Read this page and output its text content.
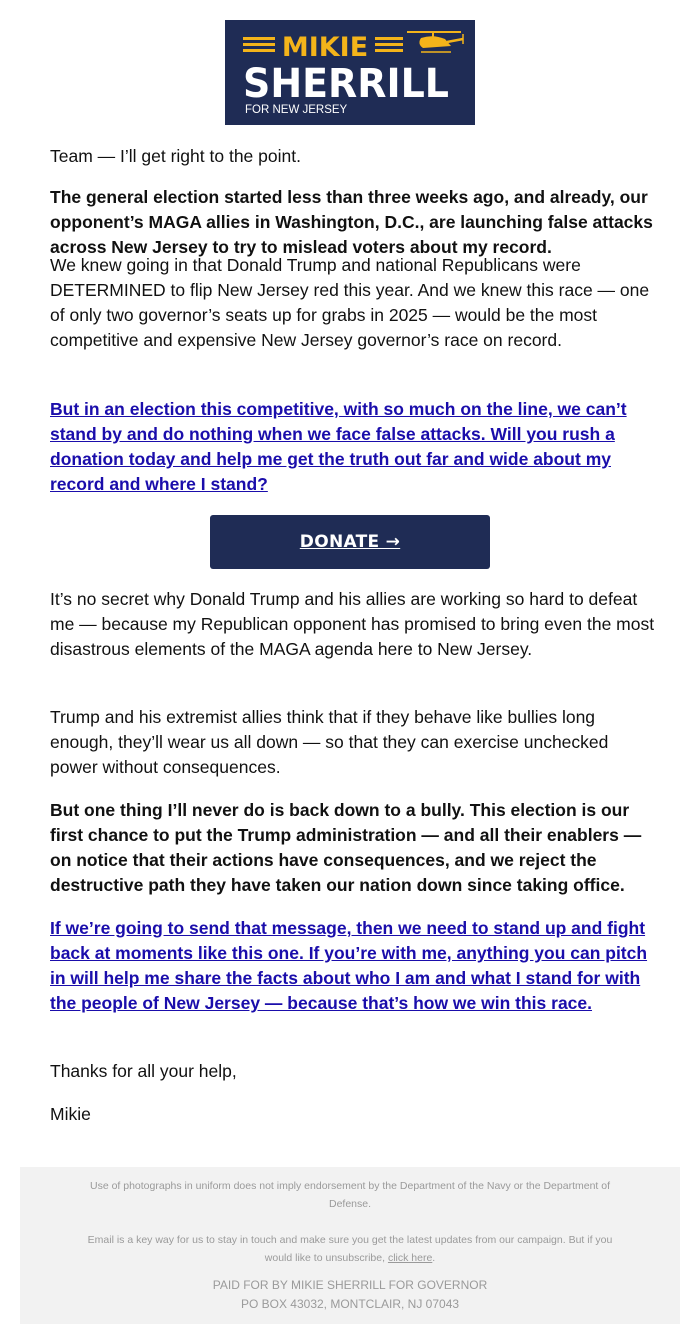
MIKIE
SHERRILL
FOR NEW JERSEY

Team — I’ll get right to the point.

The general election started less than three weeks ago, and already, our opponent’s MAGA allies in Washington, D.C., are launching false attacks across New Jersey to try to mislead voters about my record.

We knew going in that Donald Trump and national Republicans were DETERMINED to flip New Jersey red this year. And we knew this race — one of only two governor’s seats up for grabs in 2025 — would be the most competitive and expensive New Jersey governor’s race on record.

But in an election this competitive, with so much on the line, we can’t stand by and do nothing when we face false attacks. Will you rush a donation today and help me get the truth out far and wide about my record and where I stand?

It’s no secret why Donald Trump and his allies are working so hard to defeat me — because my Republican opponent has promised to bring even the most disastrous elements of the MAGA agenda here to New Jersey.

Trump and his extremist allies think that if they behave like bullies long enough, they’ll wear us all down — so that they can exercise unchecked power without consequences.

But one thing I’ll never do is back down to a bully. This election is our first chance to put the Trump administration — and all their enablers — on notice that their actions have consequences, and we reject the destructive path they have taken our nation down since taking office.

If we’re going to send that message, then we need to stand up and fight back at moments like this one. If you’re with me, anything you can pitch in will help me share the facts about who I am and what I stand for with the people of New Jersey — because that’s how we win this race.

Thanks for all your help,

Mikie

DONATE →

Use of photographs in uniform does not imply endorsement by the Department of the Navy or the Department of Defense.

Email is a key way for us to stay in touch and make sure you get the latest updates from our campaign. But if you would like to unsubscribe, click here.

PAID FOR BY MIKIE SHERRILL FOR GOVERNOR
PO BOX 43032, MONTCLAIR, NJ 07043
